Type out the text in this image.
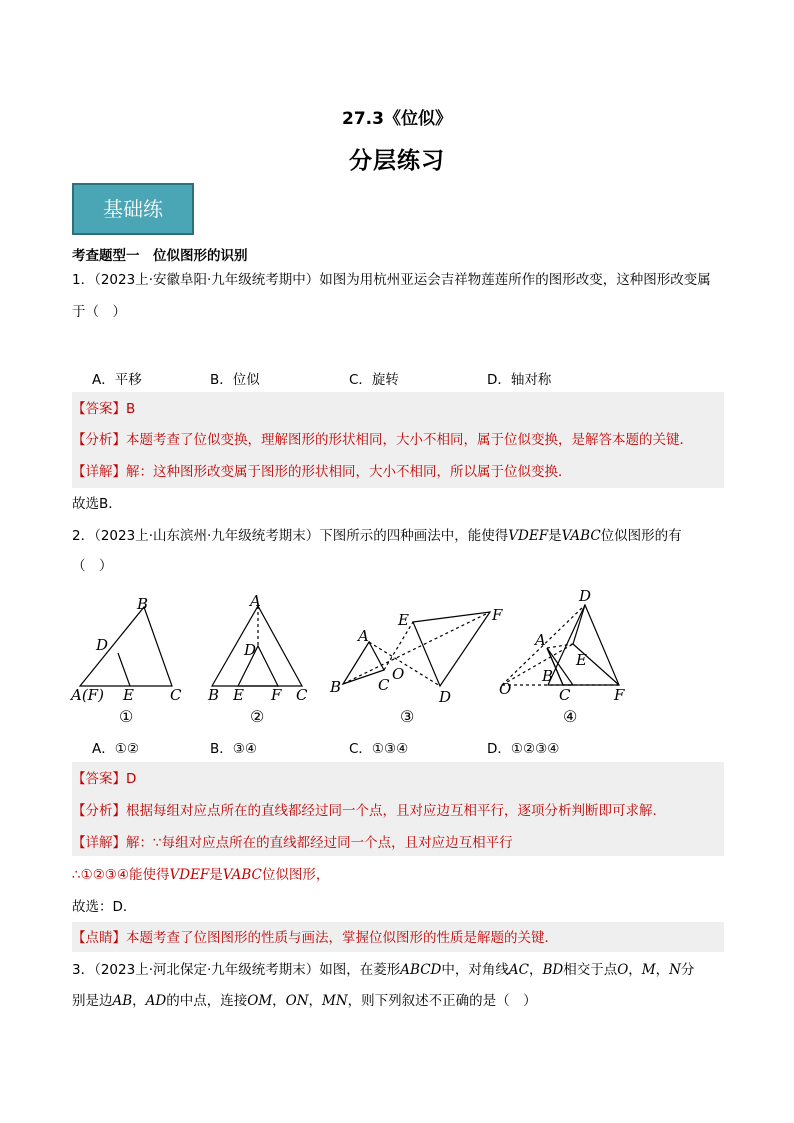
27.3《位似》
分层练习
基础练
考查题型一　位似图形的识别
1．（2023上·安徽阜阳·九年级统考期中）如图为用杭州亚运会吉祥物莲莲所作的图形改变，这种图形改变属
于（　）
A．平移	B．位似	C．旋转	D．轴对称
【答案】B
【分析】本题考查了位似变换，理解图形的形状相同，大小不相同，属于位似变换，是解答本题的关键．
【详解】解：这种图形改变属于图形的形状相同，大小不相同，所以属于位似变换．
故选B．
2．（2023上·山东滨州·九年级统考期末）下图所示的四种画法中，能使得VDEF是VABC位似图形的有
（　）
B
D
A(F) E C
A
D
B E F C
A
E	F
B C
O
D
D
A
E
B
O	C	F
①	②	③	④
A．①②	B．③④	C．①③④	D．①②③④
【答案】D
【分析】根据每组对应点所在的直线都经过同一个点，且对应边互相平行，逐项分析判断即可求解．
【详解】解：∵每组对应点所在的直线都经过同一个点，且对应边互相平行
∴①②③④能使得VDEF是VABC位似图形，
故选：D．
【点睛】本题考查了位图图形的性质与画法，掌握位似图形的性质是解题的关键．
3．（2023上·河北保定·九年级统考期末）如图，在菱形ABCD中，对角线AC，BD相交于点O，M，N分
别是边AB，AD的中点，连接OM，ON，MN，则下列叙述不正确的是（　）
